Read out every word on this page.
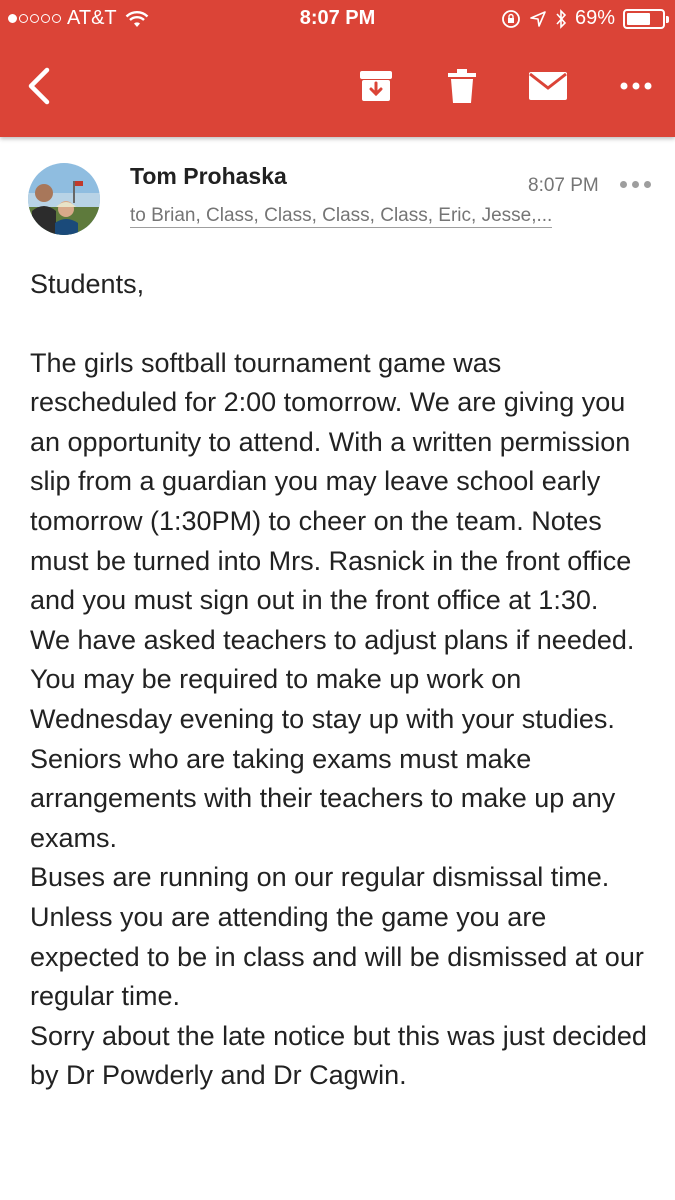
AT&T	8:07 PM	69%
Tom Prohaska	8:07 PM
to Brian, Class, Class, Class, Class, Eric, Jesse,...

Students,

The girls softball tournament game was rescheduled for 2:00 tomorrow. We are giving you an opportunity to attend. With a written permission slip from a guardian you may leave school early tomorrow (1:30PM) to cheer on the team. Notes must be turned into Mrs. Rasnick in the front office and you must sign out in the front office at 1:30.

We have asked teachers to adjust plans if needed. You may be required to make up work on Wednesday evening to stay up with your studies.

Seniors who are taking exams must make arrangements with their teachers to make up any exams.

Buses are running on our regular dismissal time. Unless you are attending the game you are expected to be in class and will be dismissed at our regular time.

Sorry about the late notice but this was just decided by Dr Powderly and Dr Cagwin.
